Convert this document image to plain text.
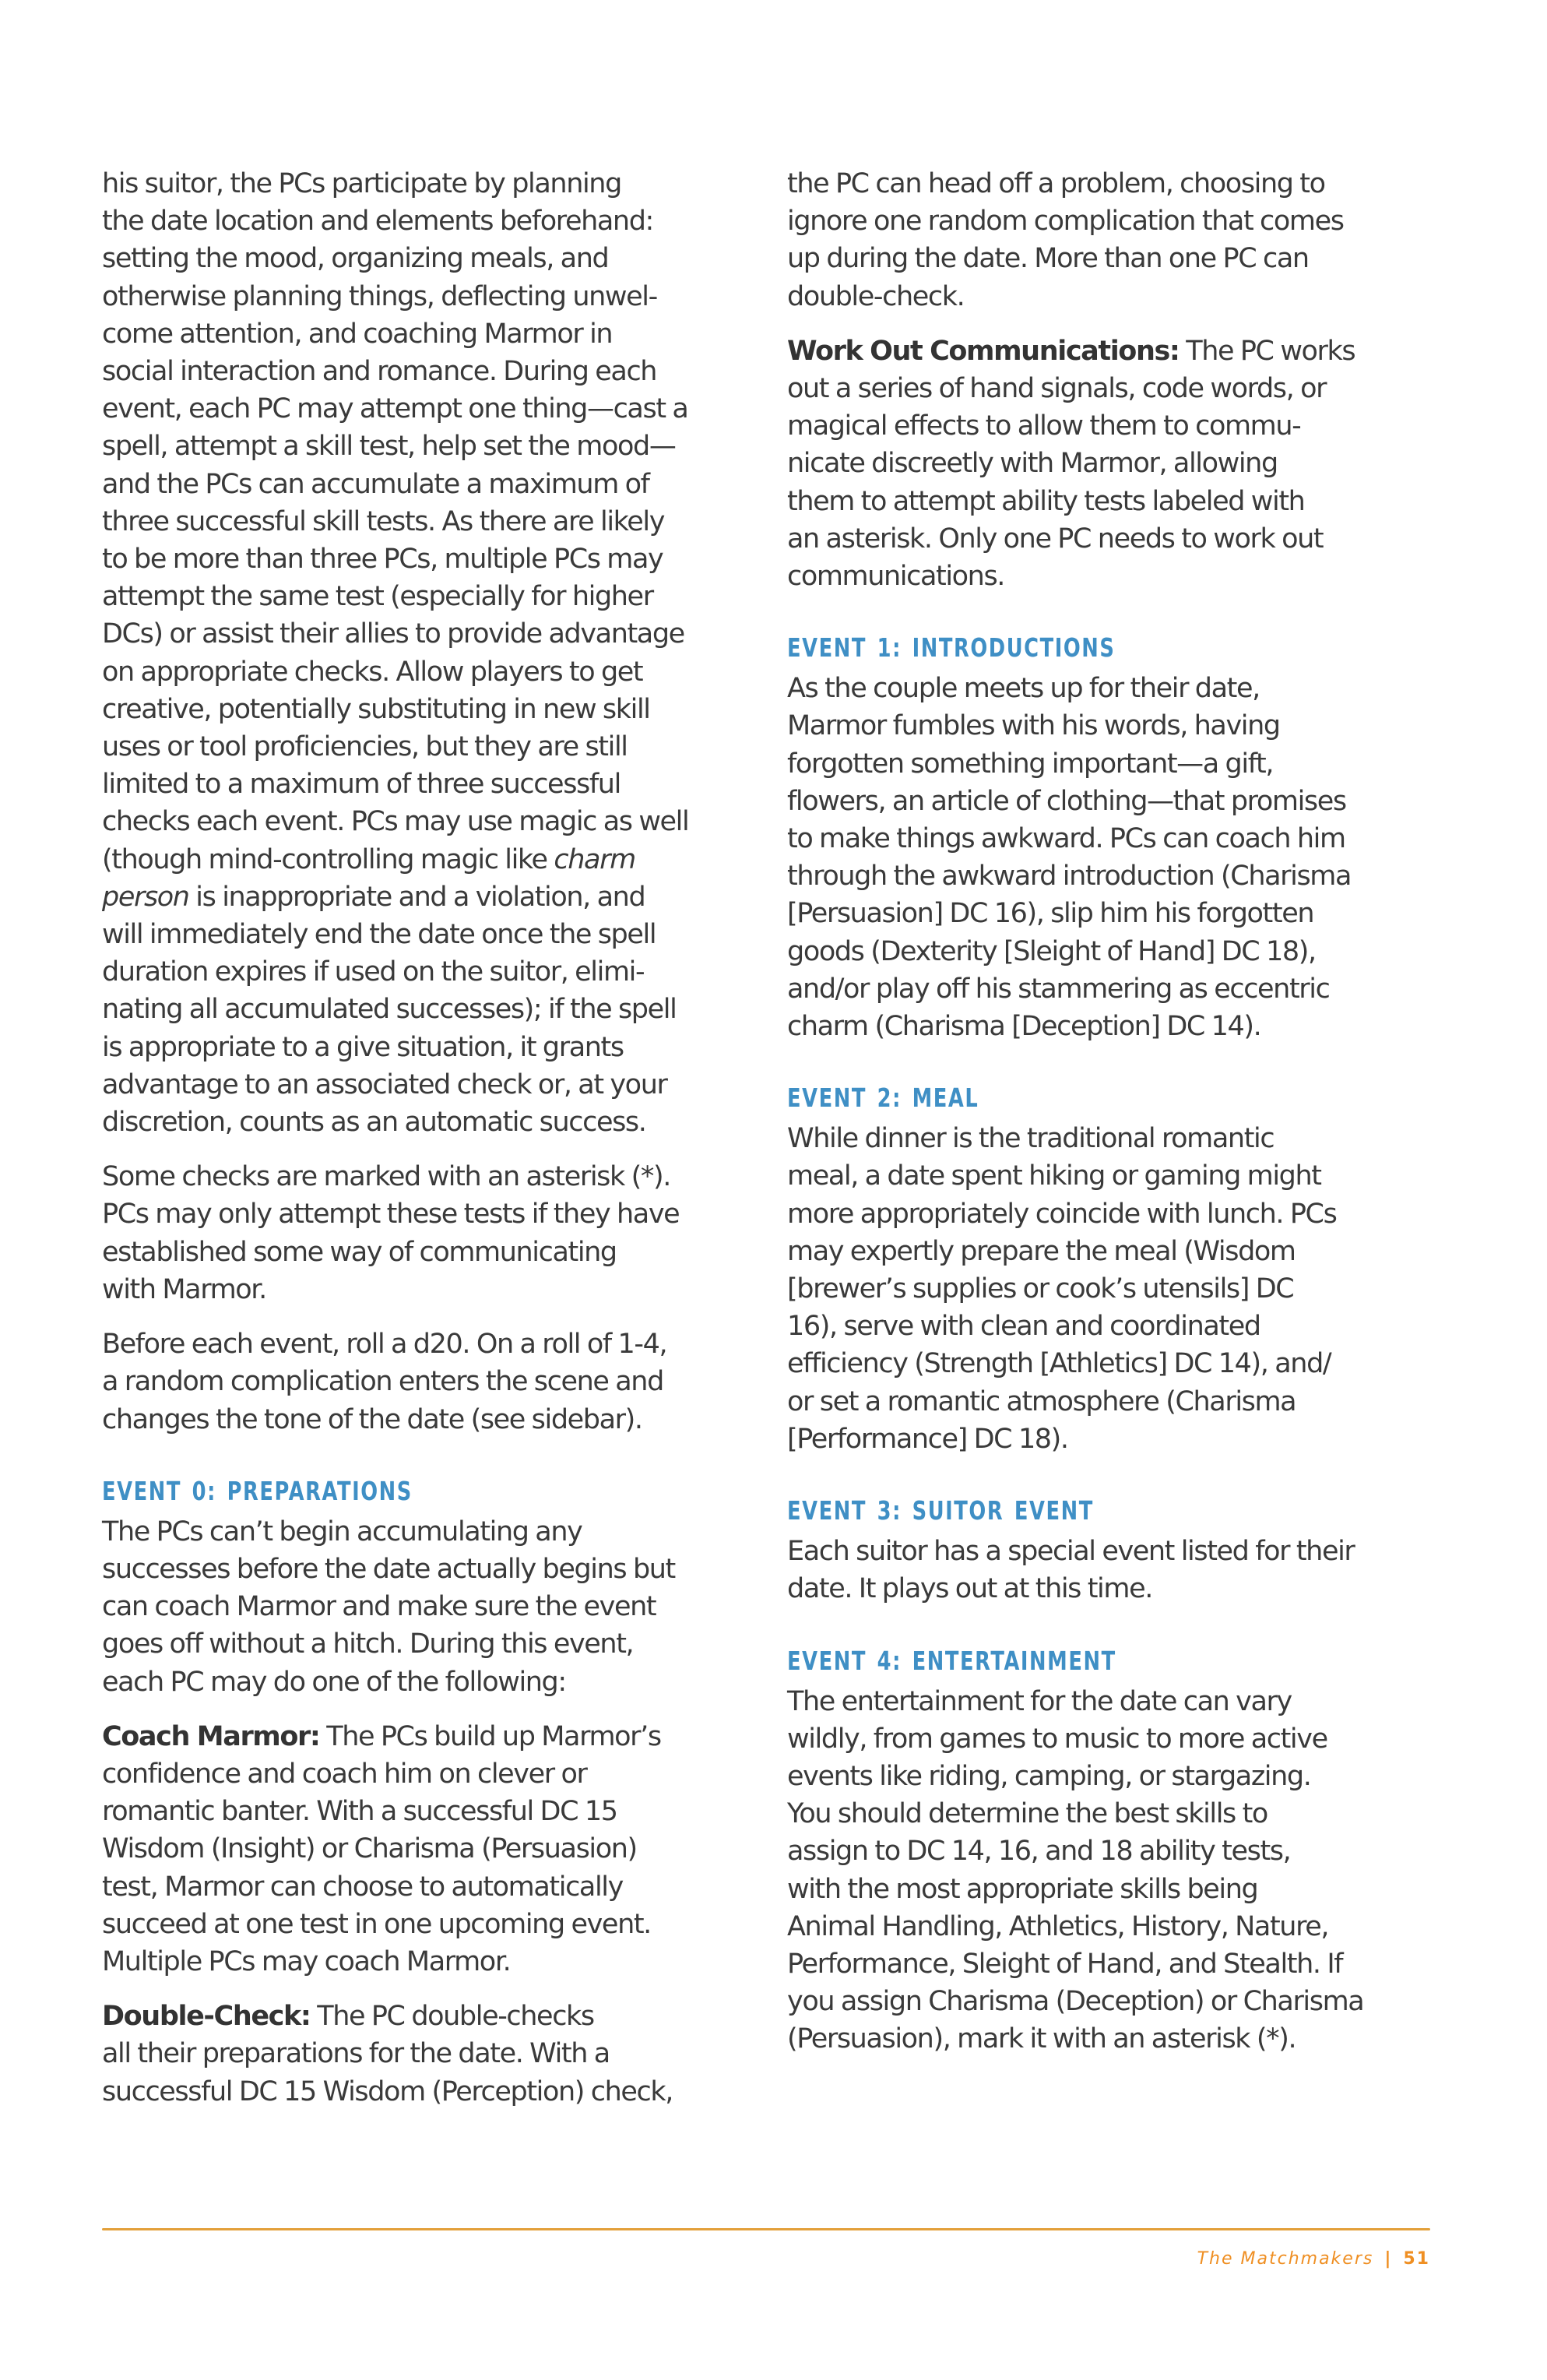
his suitor, the PCs participate by planning
the date location and elements beforehand:
setting the mood, organizing meals, and
otherwise planning things, deflecting unwel-
come attention, and coaching Marmor in
social interaction and romance. During each
event, each PC may attempt one thing—cast a
spell, attempt a skill test, help set the mood—
and the PCs can accumulate a maximum of
three successful skill tests. As there are likely
to be more than three PCs, multiple PCs may
attempt the same test (especially for higher
DCs) or assist their allies to provide advantage
on appropriate checks. Allow players to get
creative, potentially substituting in new skill
uses or tool proficiencies, but they are still
limited to a maximum of three successful
checks each event. PCs may use magic as well
(though mind-controlling magic like charm
person is inappropriate and a violation, and
will immediately end the date once the spell
duration expires if used on the suitor, elimi-
nating all accumulated successes); if the spell
is appropriate to a give situation, it grants
advantage to an associated check or, at your
discretion, counts as an automatic success.
Some checks are marked with an asterisk (*).
PCs may only attempt these tests if they have
established some way of communicating
with Marmor.
Before each event, roll a d20. On a roll of 1-4,
a random complication enters the scene and
changes the tone of the date (see sidebar).
EVENT 0: PREPARATIONS
The PCs can’t begin accumulating any
successes before the date actually begins but
can coach Marmor and make sure the event
goes off without a hitch. During this event,
each PC may do one of the following:
Coach Marmor: The PCs build up Marmor’s
confidence and coach him on clever or
romantic banter. With a successful DC 15
Wisdom (Insight) or Charisma (Persuasion)
test, Marmor can choose to automatically
succeed at one test in one upcoming event.
Multiple PCs may coach Marmor.
Double-Check: The PC double-checks
all their preparations for the date. With a
successful DC 15 Wisdom (Perception) check,
the PC can head off a problem, choosing to
ignore one random complication that comes
up during the date. More than one PC can
double-check.
Work Out Communications: The PC works
out a series of hand signals, code words, or
magical effects to allow them to commu-
nicate discreetly with Marmor, allowing
them to attempt ability tests labeled with
an asterisk. Only one PC needs to work out
communications.
EVENT 1: INTRODUCTIONS
As the couple meets up for their date,
Marmor fumbles with his words, having
forgotten something important—a gift,
flowers, an article of clothing—that promises
to make things awkward. PCs can coach him
through the awkward introduction (Charisma
[Persuasion] DC 16), slip him his forgotten
goods (Dexterity [Sleight of Hand] DC 18),
and/or play off his stammering as eccentric
charm (Charisma [Deception] DC 14).
EVENT 2: MEAL
While dinner is the traditional romantic
meal, a date spent hiking or gaming might
more appropriately coincide with lunch. PCs
may expertly prepare the meal (Wisdom
[brewer’s supplies or cook’s utensils] DC
16), serve with clean and coordinated
efficiency (Strength [Athletics] DC 14), and/
or set a romantic atmosphere (Charisma
[Performance] DC 18).
EVENT 3: SUITOR EVENT
Each suitor has a special event listed for their
date. It plays out at this time.
EVENT 4: ENTERTAINMENT
The entertainment for the date can vary
wildly, from games to music to more active
events like riding, camping, or stargazing.
You should determine the best skills to
assign to DC 14, 16, and 18 ability tests,
with the most appropriate skills being
Animal Handling, Athletics, History, Nature,
Performance, Sleight of Hand, and Stealth. If
you assign Charisma (Deception) or Charisma
(Persuasion), mark it with an asterisk (*).
The Matchmakers | 51
